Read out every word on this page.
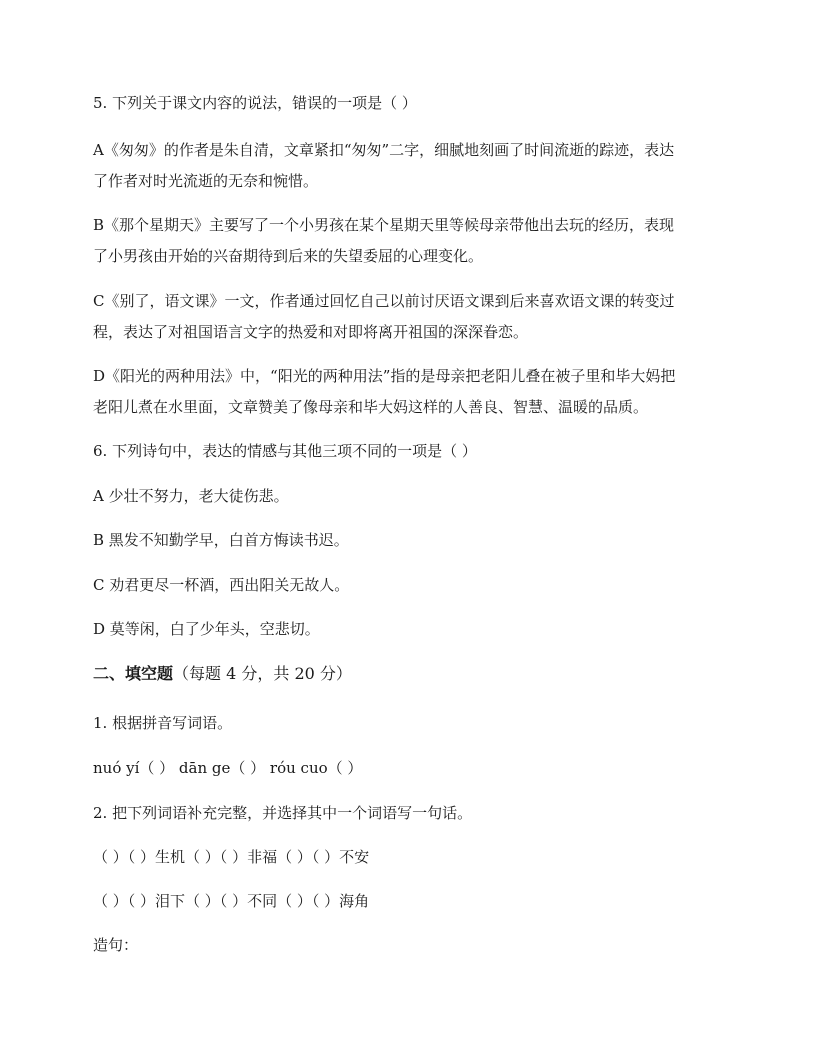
5. 下列关于课文内容的说法，错误的一项是（ ）
A《匆匆》的作者是朱自清，文章紧扣“匆匆”二字，细腻地刻画了时间流逝的踪迹，表达
了作者对时光流逝的无奈和惋惜。
B《那个星期天》主要写了一个小男孩在某个星期天里等候母亲带他出去玩的经历，表现
了小男孩由开始的兴奋期待到后来的失望委屈的心理变化。
C《别了，语文课》一文，作者通过回忆自己以前讨厌语文课到后来喜欢语文课的转变过
程，表达了对祖国语言文字的热爱和对即将离开祖国的深深眷恋。
D《阳光的两种用法》中，“阳光的两种用法”指的是母亲把老阳儿叠在被子里和毕大妈把
老阳儿煮在水里面，文章赞美了像母亲和毕大妈这样的人善良、智慧、温暖的品质。
6. 下列诗句中，表达的情感与其他三项不同的一项是（ ）
A 少壮不努力，老大徒伤悲。
B 黑发不知勤学早，白首方悔读书迟。
C 劝君更尽一杯酒，西出阳关无故人。
D 莫等闲，白了少年头，空悲切。
二、填空题（每题 4 分，共 20 分）
1. 根据拼音写词语。
nuó yí（ ） dān ge（ ） róu cuo（ ）
2. 把下列词语补充完整，并选择其中一个词语写一句话。
（ ）（ ）生机（ ）（ ）非福（ ）（ ）不安
（ ）（ ）泪下（ ）（ ）不同（ ）（ ）海角
造句：
